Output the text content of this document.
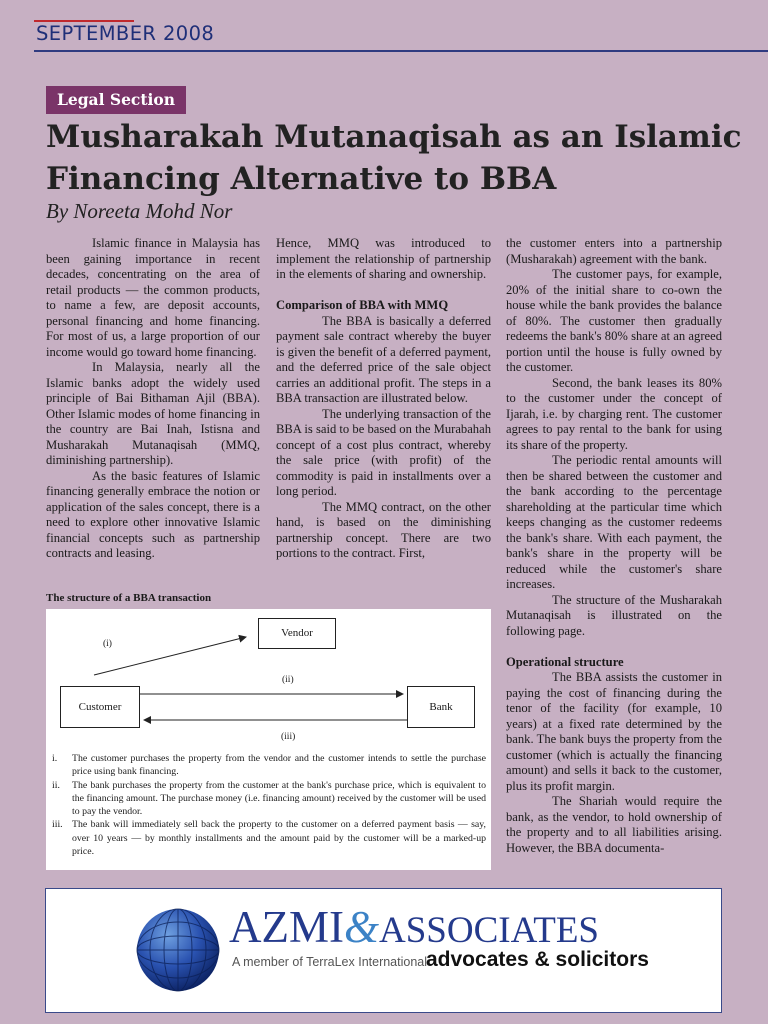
SEPTEMBER 2008
Legal Section
Musharakah Mutanaqisah as an Islamic Financing Alternative to BBA
By Noreeta Mohd Nor

Islamic finance in Malaysia has been gaining importance in recent decades, concentrating on the area of retail products — the common products, to name a few, are deposit accounts, personal financing and home financing. For most of us, a large proportion of our income would go toward home financing.

In Malaysia, nearly all the Islamic banks adopt the widely used principle of Bai Bithaman Ajil (BBA). Other Islamic modes of home financing in the country are Bai Inah, Istisna and Musharakah Mutanaqisah (MMQ, diminishing partnership).

As the basic features of Islamic financing generally embrace the notion or application of the sales concept, there is a need to explore other innovative Islamic financial concepts such as partnership contracts and leasing.

Hence, MMQ was introduced to implement the relationship of partnership in the elements of sharing and ownership.

Comparison of BBA with MMQ

The BBA is basically a deferred payment sale contract whereby the buyer is given the benefit of a deferred payment, and the deferred price of the sale object carries an additional profit. The steps in a BBA transaction are illustrated below.

The underlying transaction of the BBA is said to be based on the Murabahah concept of a cost plus contract, whereby the sale price (with profit) of the commodity is paid in installments over a long period.

The MMQ contract, on the other hand, is based on the diminishing partnership concept. There are two portions to the contract. First,

the customer enters into a partnership (Musharakah) agreement with the bank.

The customer pays, for example, 20% of the initial share to co-own the house while the bank provides the balance of 80%. The customer then gradually redeems the bank's 80% share at an agreed portion until the house is fully owned by the customer.

Second, the bank leases its 80% to the customer under the concept of Ijarah, i.e. by charging rent. The customer agrees to pay rental to the bank for using its share of the property.

The periodic rental amounts will then be shared between the customer and the bank according to the percentage shareholding at the particular time which keeps changing as the customer redeems the bank's share. With each payment, the bank's share in the property will be reduced while the customer's share increases.

The structure of the Musharakah Mutanaqisah is illustrated on the following page.

Operational structure

The BBA assists the customer in paying the cost of financing during the tenor of the facility (for example, 10 years) at a fixed rate determined by the bank. The bank buys the property from the customer (which is actually the financing amount) and sells it back to the customer, plus its profit margin.

The Shariah would require the bank, as the vendor, to hold ownership of the property and to all liabilities arising. However, the BBA documenta-

The structure of a BBA transaction
Vendor
Customer	Bank
(i)
(ii)
(iii)
i. The customer purchases the property from the vendor and the customer intends to settle the purchase price using bank financing.
ii. The bank purchases the property from the customer at the bank's purchase price, which is equivalent to the financing amount. The purchase money (i.e. financing amount) received by the customer will be used to pay the vendor.
iii. The bank will immediately sell back the property to the customer on a deferred payment basis — say, over 10 years — by monthly installments and the amount paid by the customer will be a marked-up price.
AZMI&ASSOCIATES
A member of TerraLex International
advocates & solicitors
